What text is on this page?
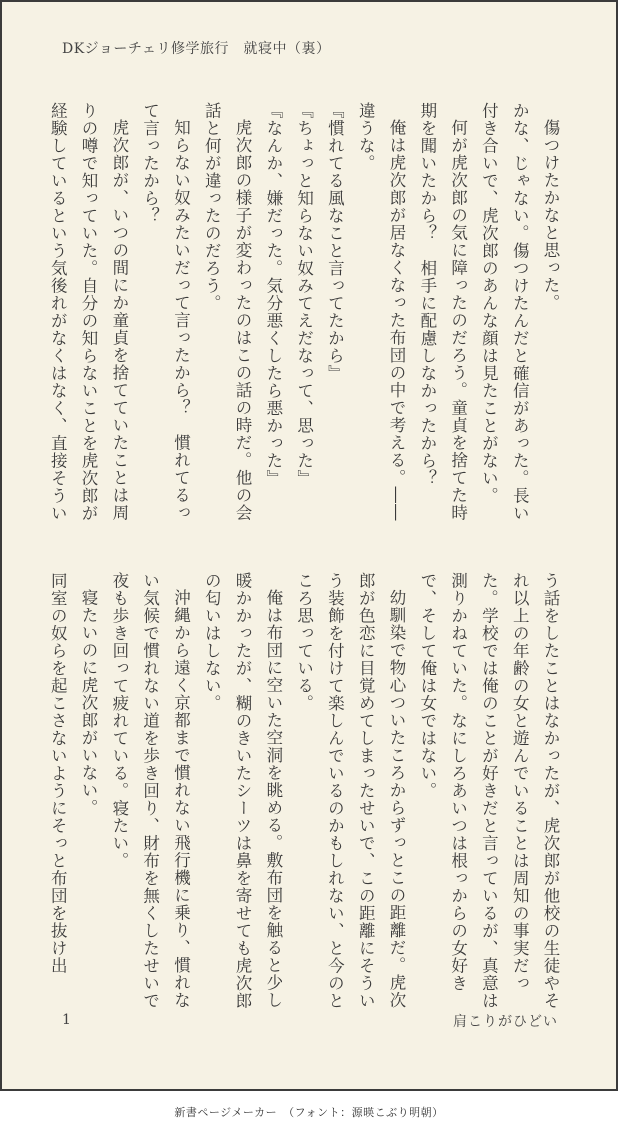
DKジョーチェリ修学旅行　就寝中（裏）

傷つけたかなと思った。

かな、じゃない。傷つけたんだと確信があった。長い付き合いで、虎次郎のあんな顔は見たことがない。

何が虎次郎の気に障ったのだろう。童貞を捨てた時期を聞いたから？　相手に配慮しなかったから？

俺は虎次郎が居なくなった布団の中で考える。――違うな。

『慣れてる風なこと言ってたから』

『ちょっと知らない奴みてえだなって、思った』

『なんか、嫌だった。気分悪くしたら悪かった』

虎次郎の様子が変わったのはこの話の時だ。他の会話と何が違ったのだろう。

知らない奴みたいだって言ったから？　慣れてるって言ったから？

虎次郎が、いつの間にか童貞を捨てていたことは周りの噂で知っていた。自分の知らないことを虎次郎が経験しているという気後れがなくはなく、直接そうい

う話をしたことはなかったが、虎次郎が他校の生徒やそれ以上の年齢の女と遊んでいることは周知の事実だった。学校では俺のことが好きだと言っているが、真意は測りかねていた。なにしろあいつは根っからの女好きで、そして俺は女ではない。

幼馴染で物心ついたころからずっとこの距離だ。虎次郎が色恋に目覚めてしまったせいで、この距離にそういう装飾を付けて楽しんでいるのかもしれない、と今のところ思っている。

俺は布団に空いた空洞を眺める。敷布団を触ると少し暖かかったが、糊のきいたシーツは鼻を寄せても虎次郎の匂いはしない。

沖縄から遠く京都まで慣れない飛行機に乗り、慣れない気候で慣れない道を歩き回り、財布を無くしたせいで夜も歩き回って疲れている。寝たい。

寝たいのに虎次郎がいない。

同室の奴らを起こさないようにそっと布団を抜け出

1	肩こりがひどい
新書ページメーカー　（フォント：源暎こぶり明朝）
